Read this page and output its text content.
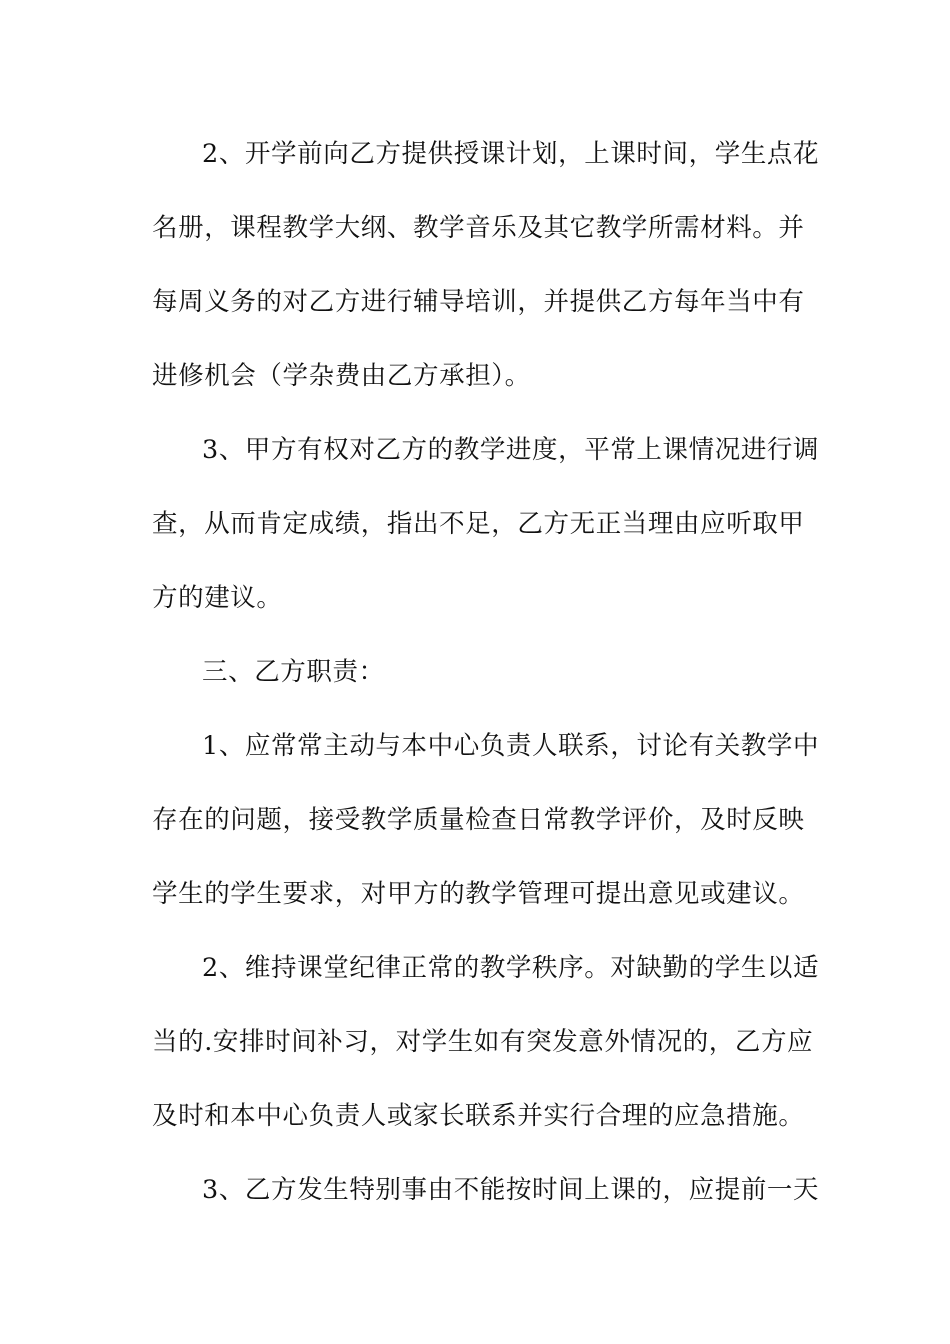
2、开学前向乙方提供授课计划，上课时间，学生点花
名册，课程教学大纲、教学音乐及其它教学所需材料。并
每周义务的对乙方进行辅导培训，并提供乙方每年当中有
进修机会（学杂费由乙方承担）。
3、甲方有权对乙方的教学进度，平常上课情况进行调
查，从而肯定成绩，指出不足，乙方无正当理由应听取甲
方的建议。
三、乙方职责：
1、应常常主动与本中心负责人联系，讨论有关教学中
存在的问题，接受教学质量检查日常教学评价，及时反映
学生的学生要求，对甲方的教学管理可提出意见或建议。
2、维持课堂纪律正常的教学秩序。对缺勤的学生以适
当的.安排时间补习，对学生如有突发意外情况的，乙方应
及时和本中心负责人或家长联系并实行合理的应急措施。
3、乙方发生特别事由不能按时间上课的，应提前一天
